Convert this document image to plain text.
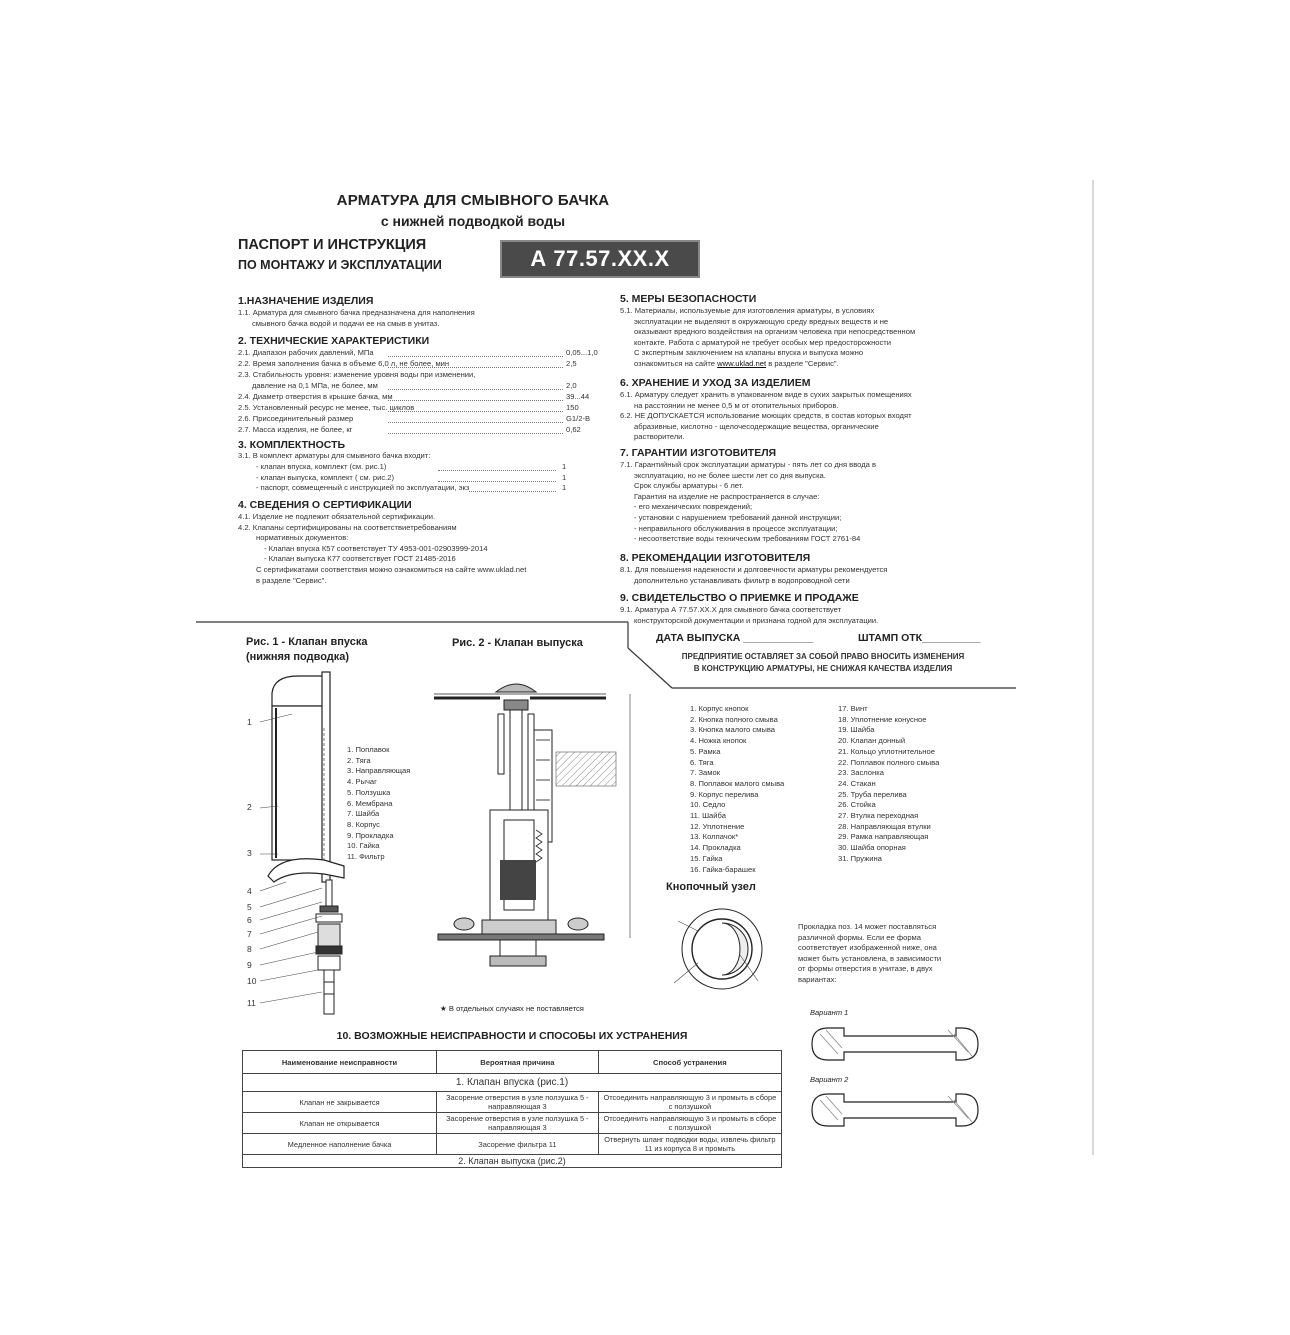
АРМАТУРА ДЛЯ СМЫВНОГО БАЧКА
с нижней подводкой воды
ПАСПОРТ И ИНСТРУКЦИЯ
ПО МОНТАЖУ И ЭКСПЛУАТАЦИИ	А 77.57.XX.X
1.НАЗНАЧЕНИЕ ИЗДЕЛИЯ
1.1. Арматура для смывного бачка предназначена для наполнения
смывного бачка водой и подачи ее на смыв в унитаз.
2. ТЕХНИЧЕСКИЕ ХАРАКТЕРИСТИКИ
2.1. Диапазон рабочих давлений, МПа	0,05...1,0
2.2. Время заполнения бачка в объеме 6,0 л, не более, мин	2,5
2.3. Стабильность уровня: изменение уровня воды при изменении,
давление на 0,1 МПа, не более, мм	2,0
2.4. Диаметр отверстия в крышке бачка, мм	39...44
2.5. Установленный ресурс не менее, тыс. циклов	150
2.6. Присоединительный размер	G1/2-B
2.7. Масса изделия, не более, кг	0,62
3. КОМПЛЕКТНОСТЬ
3.1. В комплект арматуры для смывного бачка входит:
- клапан впуска, комплект (см. рис.1)	1
- клапан выпуска, комплект ( см. рис.2)	1
- паспорт, совмещенный с инструкцией по эксплуатации, экз	1
4. СВЕДЕНИЯ О СЕРТИФИКАЦИИ
4.1. Изделие не подлежит обязательной сертификации.
4.2. Клапаны сертифицированы на соответствиетребованиям
нормативных документов:
- Клапан впуска К57 соответствует ТУ 4953-001-02903999-2014
- Клапан выпуска К77 соответствует ГОСТ 21485-2016
С сертификатами соответствия можно ознакомиться на сайте www.uklad.net
в разделе "Сервис".
5. МЕРЫ БЕЗОПАСНОСТИ
5.1. Материалы, используемые для изготовления арматуры, в условиях
эксплуатации не выделяют в окружающую среду вредных веществ и не
оказывают вредного воздействия на организм человека при непосредственном
контакте. Работа с арматурой не требует особых мер предосторожности
С экспертным заключением на клапаны впуска и выпуска можно
ознакомиться на сайте www.uklad.net в разделе "Сервис".
6. ХРАНЕНИЕ И УХОД ЗА ИЗДЕЛИЕМ
6.1. Арматуру следует хранить в упакованном виде в сухих закрытых помещениях
на расстоянии не менее 0,5 м от отопительных приборов.
6.2. НЕ ДОПУСКАЕТСЯ использование моющих средств, в состав которых входят
абразивные, кислотно - щелочесодержащие вещества, органические
растворители.
7. ГАРАНТИИ ИЗГОТОВИТЕЛЯ
7.1. Гарантийный срок эксплуатации арматуры - пять лет со дня ввода в
эксплуатацию, но не более шести лет со дня выпуска.
Срок службы арматуры - 6 лет.
Гарантия на изделие не распространяется в случае:
- его механических повреждений;
- установки с нарушением требований данной инструкции;
- неправильного обслуживания в процессе эксплуатации;
- несоответствие воды техническим требованиям ГОСТ 2761-84
8. РЕКОМЕНДАЦИИ ИЗГОТОВИТЕЛЯ
8.1. Для повышения надежности и долговечности арматуры рекомендуется
дополнительно устанавливать фильтр в водопроводной сети
9. СВИДЕТЕЛЬСТВО О ПРИЕМКЕ И ПРОДАЖЕ
9.1. Арматура А 77.57.XX.X для смывного бачка соответствует
конструкторской документации и признана годной для эксплуатации.
ДАТА ВЫПУСКА ____________	ШТАМП ОТК__________
ПРЕДПРИЯТИЕ ОСТАВЛЯЕТ ЗА СОБОЙ ПРАВО ВНОСИТЬ ИЗМЕНЕНИЯ
В КОНСТРУКЦИЮ АРМАТУРЫ, НЕ СНИЖАЯ КАЧЕСТВА ИЗДЕЛИЯ
Рис. 1 - Клапан впуска
(нижняя подводка)
1
2
3
4
5
6
7
8
9
10
11
1. Поплавок
2. Тяга
3. Направляющая
4. Рычаг
5. Ползушка
6. Мембрана
7. Шайба
8. Корпус
9. Прокладка
10. Гайка
11. Фильтр
Рис. 2 - Клапан выпуска
★ В отдельных случаях не поставляется
1. Корпус кнопок
2. Кнопка полного смыва
3. Кнопка малого смыва
4. Ножка кнопок
5. Рамка
6. Тяга
7. Замок
8. Поплавок малого смыва
9. Корпус перелива
10. Седло
11. Шайба
12. Уплотнение
13. Колпачок*
14. Прокладка
15. Гайка
16. Гайка-барашек
17. Винт
18. Уплотнение конусное
19. Шайба
20. Клапан донный
21. Кольцо уплотнительное
22. Поплавок полного смыва
23. Заслонка
24. Стакан
25. Труба перелива
26. Стойка
27. Втулка переходная
28. Направляющая втулки
29. Рамка направляющая
30. Шайба опорная
31. Пружина
Кнопочный узел
Прокладка поз. 14 может поставляться
различной формы. Если ее форма
соответствует изображенной ниже, она
может быть установлена, в зависимости
от формы отверстия в унитазе, в двух
вариантах:
Вариант 1
Вариант 2
10. ВОЗМОЖНЫЕ НЕИСПРАВНОСТИ И СПОСОБЫ ИХ УСТРАНЕНИЯ
Наименование неисправности	Вероятная причина	Способ устранения
1. Клапан впуска (рис.1)		
Клапан не закрывается	Засорение отверстия в узле ползушка 5 - направляющая 3	Отсоединить направляющую 3 и промыть в сборе с ползушкой
Клапан не открывается	Засорение отверстия в узле ползушка 5 - направляющая 3	Отсоединить направляющую 3 и промыть в сборе с ползушкой
Медленное наполнение бачка	Засорение фильтра 11	Отвернуть шланг подводки воды, извлечь фильтр 11 из корпуса 8 и промыть
2. Клапан выпуска (рис.2)		
